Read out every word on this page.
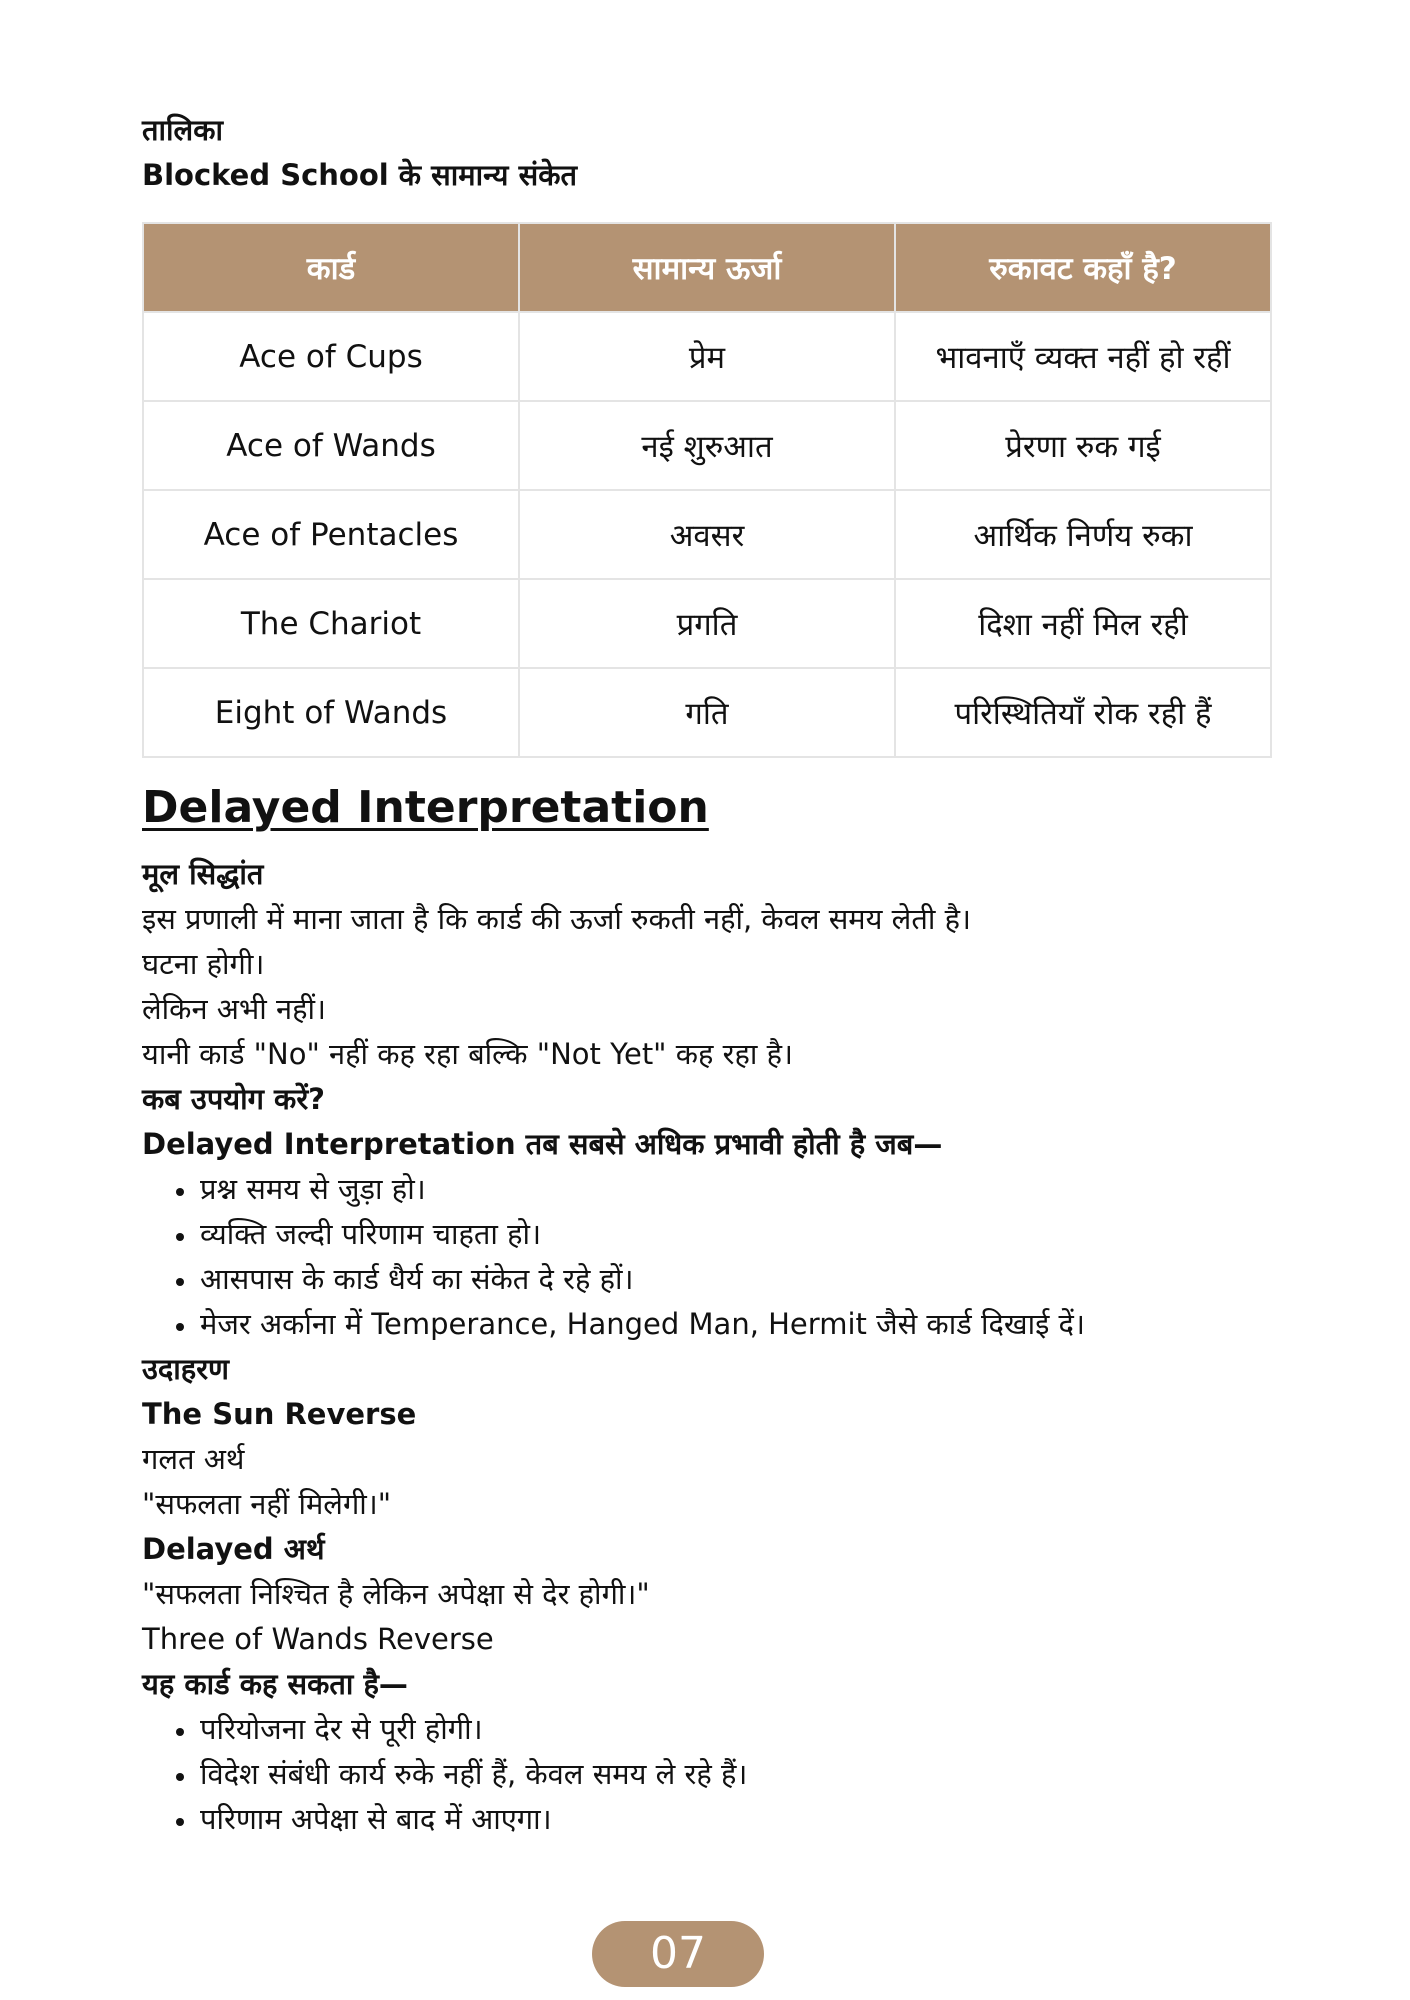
तालिका
Blocked School के सामान्य संकेत
कार्ड	सामान्य ऊर्जा	रुकावट कहाँ है?
Ace of Cups	प्रेम	भावनाएँ व्यक्त नहीं हो रहीं
Ace of Wands	नई शुरुआत	प्रेरणा रुक गई
Ace of Pentacles	अवसर	आर्थिक निर्णय रुका
The Chariot	प्रगति	दिशा नहीं मिल रही
Eight of Wands	गति	परिस्थितियाँ रोक रही हैं
Delayed Interpretation
मूल सिद्धांत
इस प्रणाली में माना जाता है कि कार्ड की ऊर्जा रुकती नहीं, केवल समय लेती है।
घटना होगी।
लेकिन अभी नहीं।
यानी कार्ड "No" नहीं कह रहा बल्कि "Not Yet" कह रहा है।
कब उपयोग करें?
Delayed Interpretation तब सबसे अधिक प्रभावी होती है जब—
• प्रश्न समय से जुड़ा हो।
• व्यक्ति जल्दी परिणाम चाहता हो।
• आसपास के कार्ड धैर्य का संकेत दे रहे हों।
• मेजर अर्काना में Temperance, Hanged Man, Hermit जैसे कार्ड दिखाई दें।
उदाहरण
The Sun Reverse
गलत अर्थ
"सफलता नहीं मिलेगी।"
Delayed अर्थ
"सफलता निश्चित है लेकिन अपेक्षा से देर होगी।"
Three of Wands Reverse
यह कार्ड कह सकता है—
• परियोजना देर से पूरी होगी।
• विदेश संबंधी कार्य रुके नहीं हैं, केवल समय ले रहे हैं।
• परिणाम अपेक्षा से बाद में आएगा।
07
